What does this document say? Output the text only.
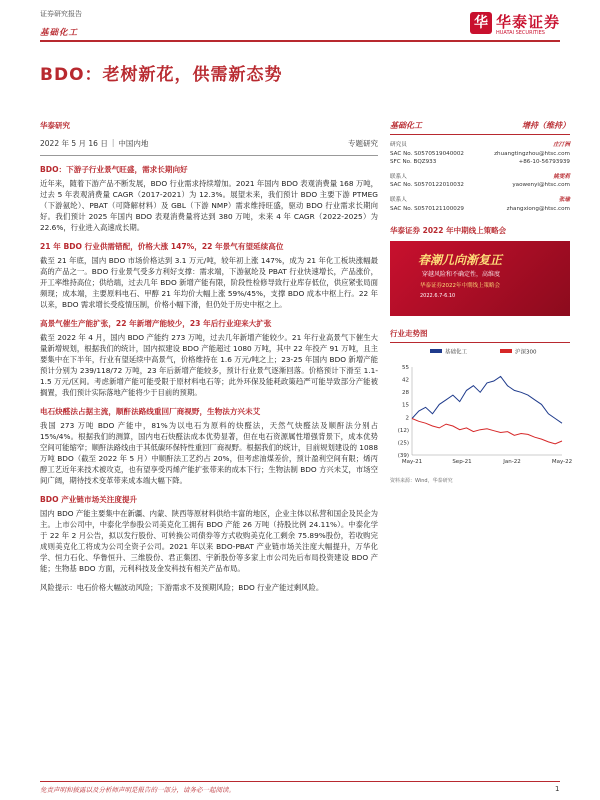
证券研究报告
基础化工
华 华泰证券
HUATAI SECURITIES
BDO：老树新花，供需新态势
华泰研究
2022 年 5 月 16 日 | 中国内地	专题研究
BDO：下游子行业景气旺盛，需求长期向好

近年来，随着下游产品不断发展，BDO 行业需求持续增加。2021 年国内 BDO 表观消费量 168 万吨，过去 5 年表观消费量 CAGR（2017-2021）为 12.3%。展望未来，我们预计 BDO 主要下游 PTMEG（下游氨纶）、PBAT（可降解材料）及 GBL（下游 NMP）需求维持旺盛，驱动 BDO 行业需求长期向好。我们预计 2025 年国内 BDO 表观消费量将达到 380 万吨，未来 4 年 CAGR（2022-2025）为 22.6%，行业进入高速成长期。

21 年 BDO 行业供需错配，价格大涨 147%，22 年景气有望延续高位

截至 21 年底，国内 BDO 市场价格达到 3.1 万元/吨，较年初上涨 147%，成为 21 年化工板块涨幅最高的产品之一。BDO 行业景气受多方利好支撑：需求端，下游氨纶及 PBAT 行业快速增长，产品涨价，开工率维持高位；供给端，过去几年 BDO 新增产能有限，阶段性检修导致行业库存低位，供应紧张局面频现；成本端，主要原料电石、甲醇 21 年均价大幅上涨 59%/45%，支撑 BDO 成本中枢上行。22 年以来，BDO 需求增长受疫情压制，价格小幅下滑，但仍处于历史中枢之上。

高景气催生产能扩张，22 年新增产能较少，23 年后行业迎来大扩张

截至 2022 年 4 月，国内 BDO 产能约 273 万吨，过去几年新增产能较少。21 年行业高景气下催生大量新增规划，根据我们的统计，国内拟建设 BDO 产能超过 1080 万吨，其中 22 年投产 91 万吨，且主要集中在下半年，行业有望延续中高景气，价格维持在 1.6 万元/吨之上；23-25 年国内 BDO 新增产能预计分别为 239/118/72 万吨，23 年后新增产能较多，预计行业景气逐渐回落。价格预计下滑至 1.1-1.5 万元/区间。考虑新增产能可能受限于原材料电石等；此外环保及能耗政策趋严可能导致部分产能被搁置，我们预计实际落地产能将少于目前的预期。

电石炔醛法占据主流，顺酐法路线重回厂商视野，生物法方兴未艾

我国 273 万吨 BDO 产能中，81%为以电石为原料的炔醛法，天然气炔醛法及顺酐法分别占 15%/4%。根据我们的测算，国内电石炔醛法成本优势显著，但在电石资源属性增强背景下，成本优势空间可能缩窄；顺酐法路线由于其低碳环保特性重回厂商视野。根据我们的统计，目前规划建设的 1088 万吨 BDO（截至 2022 年 5 月）中顺酐法工艺约占 20%，但考虑油煤差价，预计盈利空间有限；烯丙醇工艺近年来技术被攻克，也有望享受丙烯产能扩张带来的成本下行；生物法制 BDO 方兴未艾，市场空间广阔，期待技术变革带来成本端大幅下降。

BDO 产业链市场关注度提升

国内 BDO 产能主要集中在新疆、内蒙、陕西等原材料供给丰富的地区，企业主体以私营和国企及民企为主。上市公司中，中泰化学参股公司美克化工拥有 BDO 产能 26 万吨（持股比例 24.11%）。中泰化学于 22 年 2 月公告，拟以发行股份、可转换公司债券等方式收购美克化工剩余 75.89%股份，若收购完成则美克化工将成为公司全资子公司。2021 年以来 BDO-PBAT 产业链市场关注度大幅提升，万华化学、恒力石化、华鲁恒升、三维股份、君正集团、宇新股份等多家上市公司先后布局投资建设 BDO 产能；生物基 BDO 方面，元利科技及金发科技有相关产品布局。

风险提示：电石价格大幅波动风险；下游需求不及预期风险；BDO 行业产能过剩风险。
基础化工	增持（维持）
研究员	庄汀洲
SAC No. S0570519040002	zhuangtingzhou@htsc.com
SFC No. BQZ933	+86-10-56793939
联系人	姚雯莉
SAC No. S0570122010032	yaowenyi@htsc.com
联系人	张瑜
SAC No. S0570121100029	zhangxiong@htsc.com
华泰证券 2022 年中期线上策略会
春潮几向渐复正
穿越风险和不确定性，高维度
华泰证券2022年中期线上策略会
2022.6.7-6.10
行业走势图
基础化工	沪深300
55
42
28
15
2
(12)
(25)
(39)
May-21	Sep-21	Jan-22	May-22
资料来源：Wind，华泰研究
免责声明和披露以及分析师声明是报告的一部分，请务必一起阅读。	1
